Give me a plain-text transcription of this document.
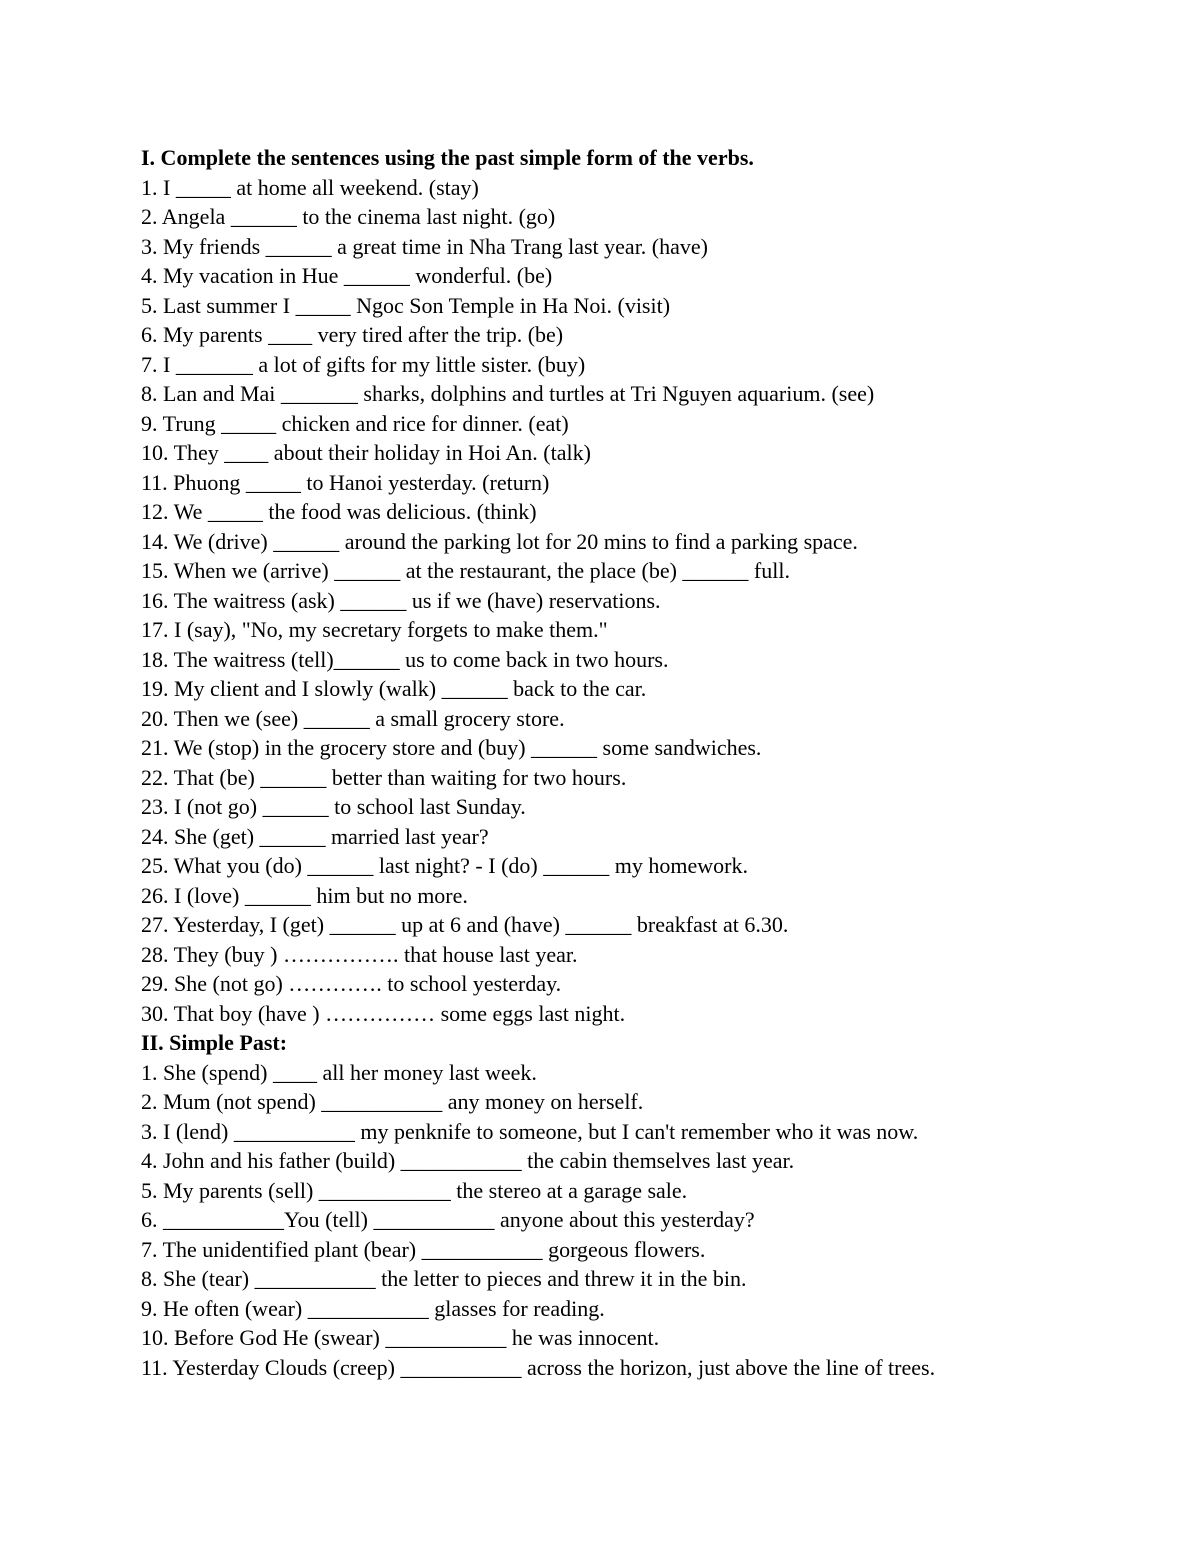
I. Complete the sentences using the past simple form of the verbs.
1. I _____ at home all weekend. (stay)
2. Angela ______ to the cinema last night. (go)
3. My friends ______ a great time in Nha Trang last year. (have)
4. My vacation in Hue ______ wonderful. (be)
5. Last summer I _____ Ngoc Son Temple in Ha Noi. (visit)
6. My parents ____ very tired after the trip. (be)
7. I _______ a lot of gifts for my little sister. (buy)
8. Lan and Mai _______ sharks, dolphins and turtles at Tri Nguyen aquarium. (see)
9. Trung _____ chicken and rice for dinner. (eat)
10. They ____ about their holiday in Hoi An. (talk)
11. Phuong _____ to Hanoi yesterday. (return)
12. We _____ the food was delicious. (think)
14. We (drive) ______ around the parking lot for 20 mins to find a parking space.
15. When we (arrive) ______ at the restaurant, the place (be) ______ full.
16. The waitress (ask) ______ us if we (have) reservations.
17. I (say), "No, my secretary forgets to make them."
18. The waitress (tell)______ us to come back in two hours.
19. My client and I slowly (walk) ______ back to the car.
20. Then we (see) ______ a small grocery store.
21. We (stop) in the grocery store and (buy) ______ some sandwiches.
22. That (be) ______ better than waiting for two hours.
23. I (not go) ______ to school last Sunday.
24. She (get) ______ married last year?
25. What you (do) ______ last night? - I (do) ______ my homework.
26. I (love) ______ him but no more.
27. Yesterday, I (get) ______ up at 6 and (have) ______ breakfast at 6.30.
28. They (buy ) ……………. that house last year.
29. She (not go) …………. to school yesterday.
30. That boy (have ) …………… some eggs last night.
II. Simple Past:
1. She (spend) ____ all her money last week.
2. Mum (not spend) ___________ any money on herself.
3. I (lend) ___________ my penknife to someone, but I can't remember who it was now.
4. John and his father (build) ___________ the cabin themselves last year.
5. My parents (sell) ____________ the stereo at a garage sale.
6. ___________You (tell) ___________ anyone about this yesterday?
7. The unidentified plant (bear) ___________ gorgeous flowers.
8. She (tear) ___________ the letter to pieces and threw it in the bin.
9. He often (wear) ___________ glasses for reading.
10. Before God He (swear) ___________ he was innocent.
11. Yesterday Clouds (creep) ___________ across the horizon, just above the line of trees.
